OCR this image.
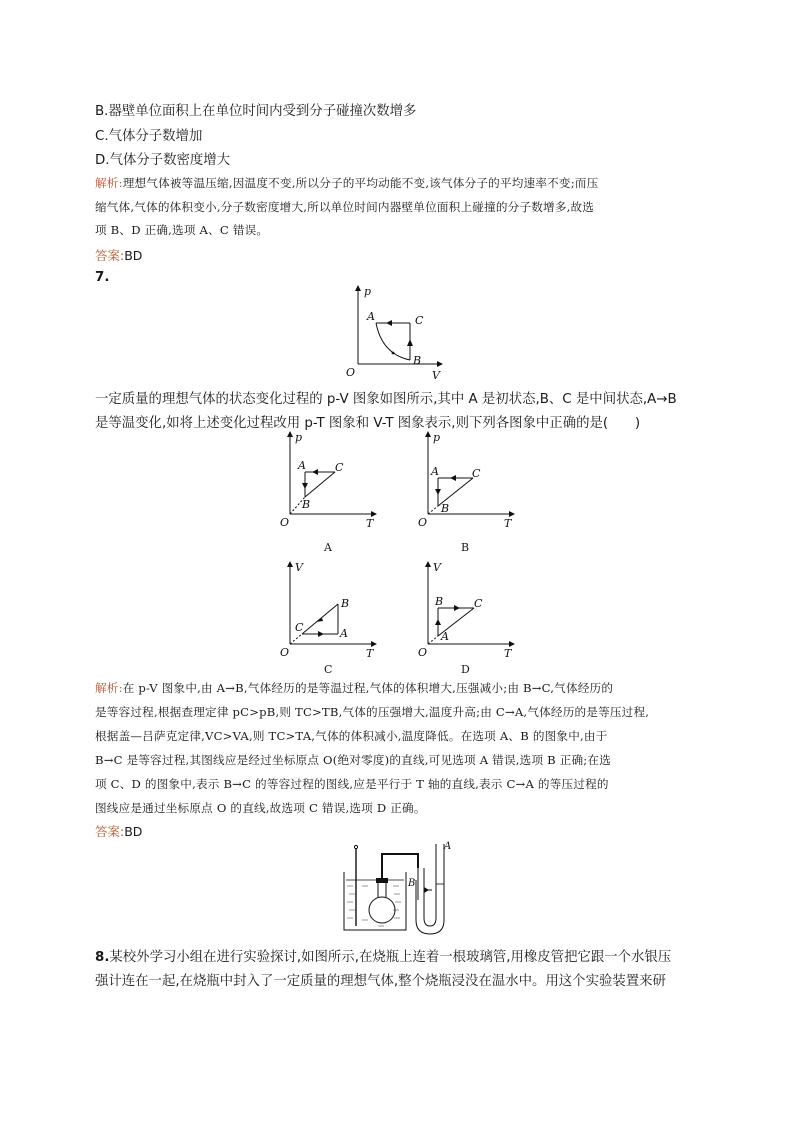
B.器壁单位面积上在单位时间内受到分子碰撞次数增多
C.气体分子数增加
D.气体分子数密度增大
解析:理想气体被等温压缩,因温度不变,所以分子的平均动能不变,该气体分子的平均速率不变;而压
缩气体,气体的体积变小,分子数密度增大,所以单位时间内器壁单位面积上碰撞的分子数增多,故选
项 B、D 正确,选项 A、C 错误。
答案:BD
7.
p
V
O
A
B
C
一定质量的理想气体的状态变化过程的 p-V 图象如图所示,其中 A 是初状态,B、C 是中间状态,A→B
是等温变化,如将上述变化过程改用 p-T 图象和 V-T 图象表示,则下列各图象中正确的是(　　)
p
T
O
A
B
C
A
p
T
O
A
B
C
B
V
T
O
C
B
A
C
V
T
O
B
A
C
D
解析:在 p-V 图象中,由 A→B,气体经历的是等温过程,气体的体积增大,压强减小;由 B→C,气体经历的
是等容过程,根据查理定律 pC>pB,则 TC>TB,气体的压强增大,温度升高;由 C→A,气体经历的是等压过程,
根据盖—吕萨克定律,VC>VA,则 TC>TA,气体的体积减小,温度降低。在选项 A、B 的图象中,由于
B→C 是等容过程,其图线应是经过坐标原点 O(绝对零度)的直线,可见选项 A 错误,选项 B 正确;在选
项 C、D 的图象中,表示 B→C 的等容过程的图线,应是平行于 T 轴的直线,表示 C→A 的等压过程的
图线应是通过坐标原点 O 的直线,故选项 C 错误,选项 D 正确。
答案:BD
A
B
8.某校外学习小组在进行实验探讨,如图所示,在烧瓶上连着一根玻璃管,用橡皮管把它跟一个水银压
强计连在一起,在烧瓶中封入了一定质量的理想气体,整个烧瓶浸没在温水中。用这个实验装置来研
